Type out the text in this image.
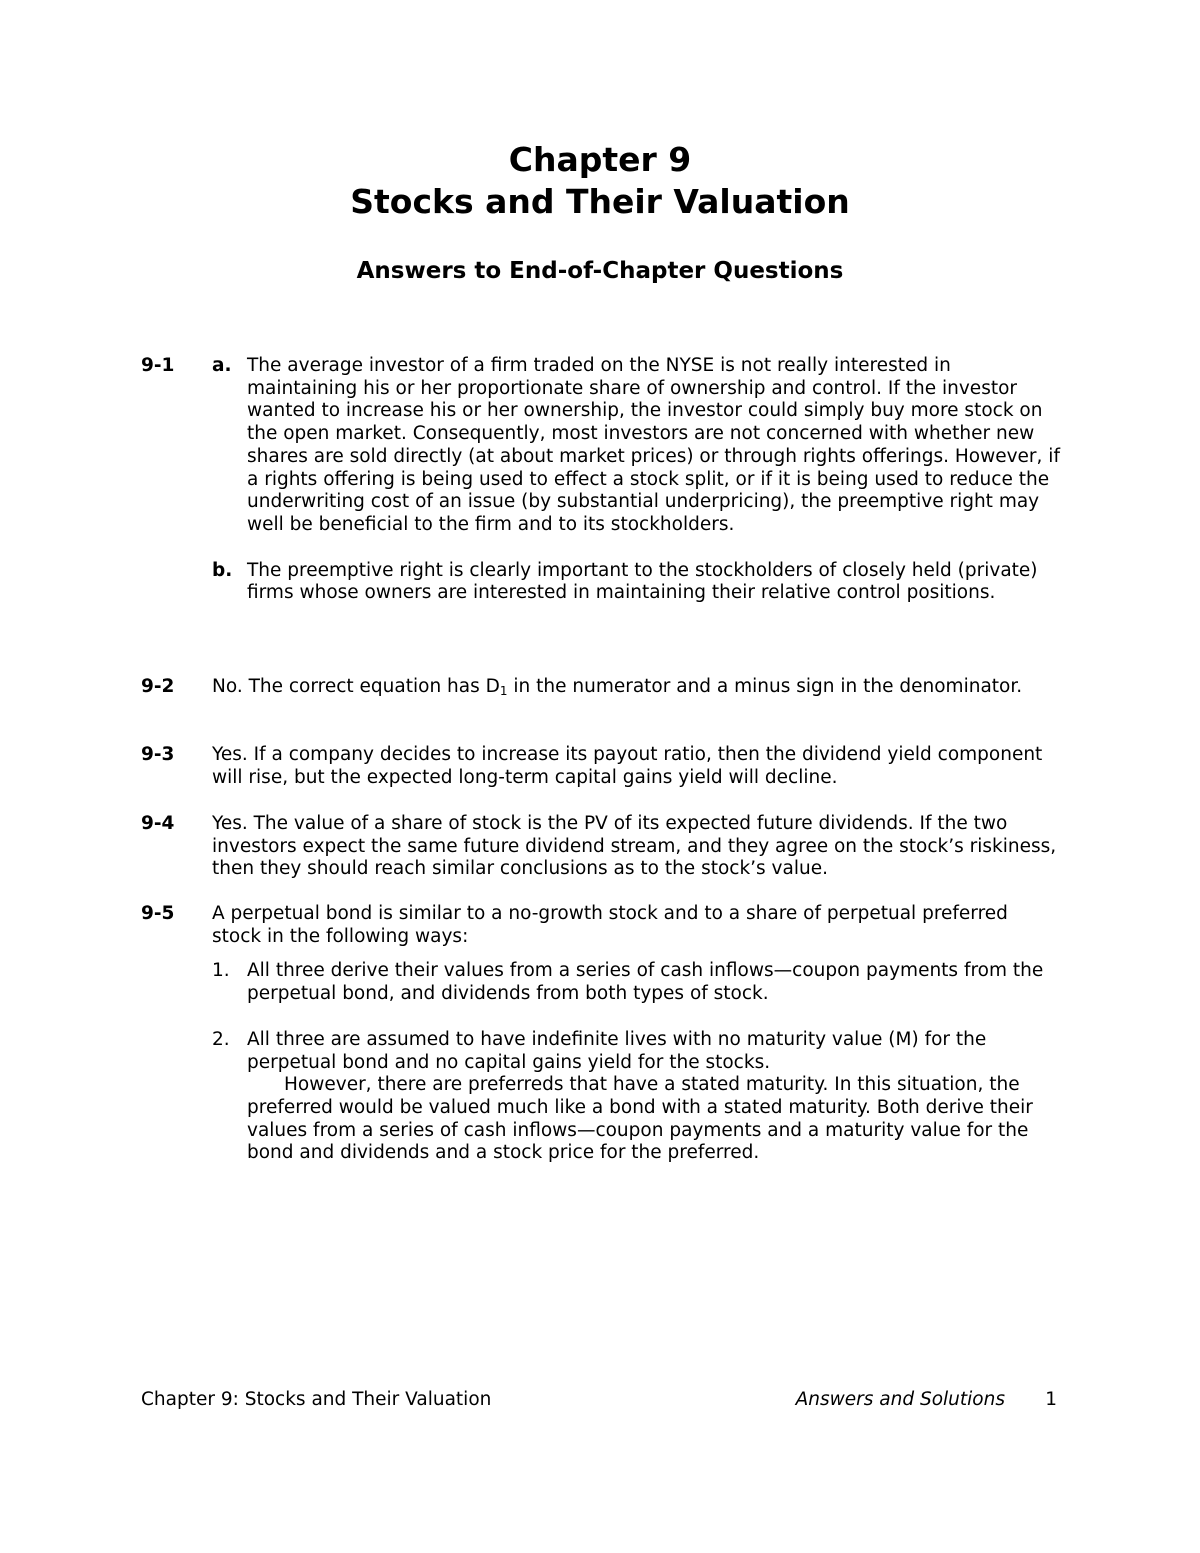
Chapter 9
Stocks and Their Valuation
Answers to End-of-Chapter Questions
9-1 a. The average investor of a firm traded on the NYSE is not really interested in maintaining his or her proportionate share of ownership and control. If the investor wanted to increase his or her ownership, the investor could simply buy more stock on the open market. Consequently, most investors are not concerned with whether new shares are sold directly (at about market prices) or through rights offerings. However, if a rights offering is being used to effect a stock split, or if it is being used to reduce the underwriting cost of an issue (by substantial underpricing), the preemptive right may well be beneficial to the firm and to its stockholders.
b. The preemptive right is clearly important to the stockholders of closely held (private) firms whose owners are interested in maintaining their relative control positions.
9-2 No. The correct equation has $D_1$ in the numerator and a minus sign in the denominator.
9-3 Yes. If a company decides to increase its payout ratio, then the dividend yield component will rise, but the expected long-term capital gains yield will decline.
9-4 Yes. The value of a share of stock is the PV of its expected future dividends. If the two investors expect the same future dividend stream, and they agree on the stock’s riskiness, then they should reach similar conclusions as to the stock’s value.
9-5 A perpetual bond is similar to a no-growth stock and to a share of perpetual preferred stock in the following ways:
1. All three derive their values from a series of cash inflows—coupon payments from the perpetual bond, and dividends from both types of stock.
2. All three are assumed to have indefinite lives with no maturity value (M) for the perpetual bond and no capital gains yield for the stocks.
However, there are preferreds that have a stated maturity. In this situation, the preferred would be valued much like a bond with a stated maturity. Both derive their values from a series of cash inflows—coupon payments and a maturity value for the bond and dividends and a stock price for the preferred.
Chapter 9: Stocks and Their Valuation	Answers and Solutions 1
